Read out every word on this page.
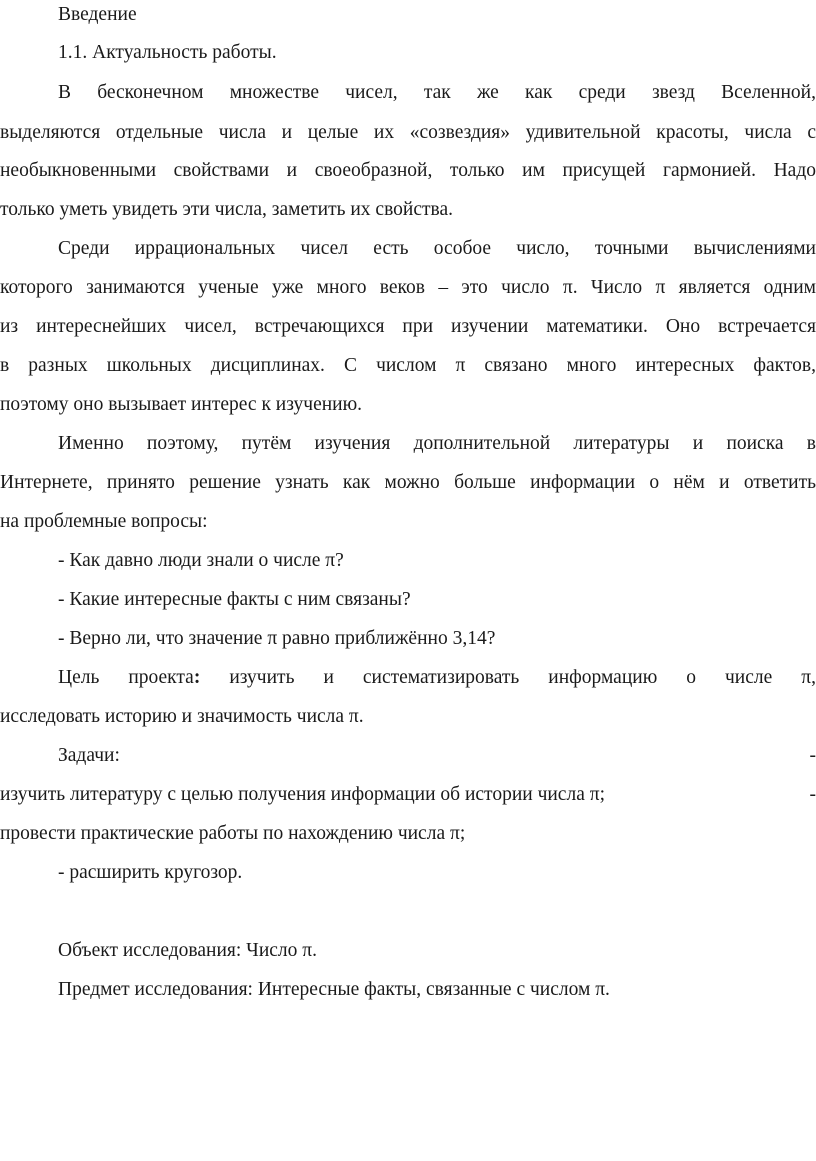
Введение
1.1. Актуальность работы.
В бесконечном множестве чисел, так же как среди звезд Вселенной,
выделяются отдельные числа и целые их «созвездия» удивительной красоты, числа с
необыкновенными свойствами и своеобразной, только им присущей гармонией. Надо
только уметь увидеть эти числа, заметить их свойства.
Среди иррациональных чисел есть особое число, точными вычислениями
которого занимаются ученые уже много веков – это число π. Число π является одним
из интереснейших чисел, встречающихся при изучении математики. Оно встречается
в разных школьных дисциплинах. С числом π связано много интересных фактов,
поэтому оно вызывает интерес к изучению.
Именно поэтому, путём изучения дополнительной литературы и поиска в
Интернете, принято решение узнать как можно больше информации о нём и ответить
на проблемные вопросы:
- Как давно люди знали о числе π?
- Какие интересные факты с ним связаны?
- Верно ли, что значение π равно приближённо 3,14?
Цель проекта: изучить и систематизировать информацию о числе π,
исследовать историю и значимость числа π.
Задачи:	-
изучить литературу с целью получения информации об истории числа π;	-
провести практические работы по нахождению числа π;
- расширить кругозор.
Объект исследования: Число π.
Предмет исследования: Интересные факты, связанные с числом π.
